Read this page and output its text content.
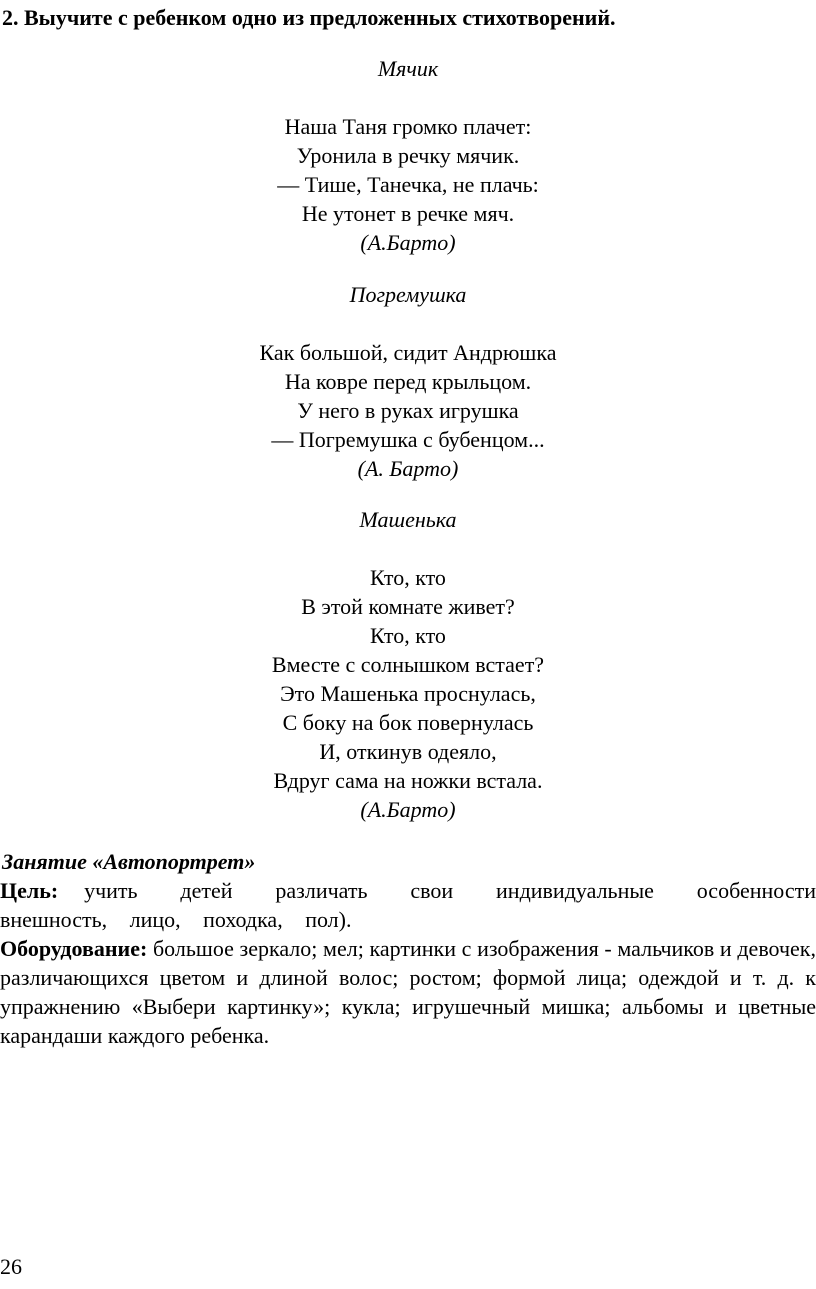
2. Выучите с ребенком одно из предложенных стихотворений.

Мячик

Наша Таня громко плачет:

Уронила в речку мячик.

― Тише, Танечка, не плачь:

Не утонет в речке мяч.

(А.Барто)

Погремушка

Как большой, сидит Андрюшка

На ковре перед крыльцом.

У него в руках игрушка

― Погремушка с бубенцом...

(А. Барто)

Машенька

Кто, кто

В этой комнате живет?

Кто, кто

Вместе с солнышком встает?

Это Машенька проснулась,

С боку на бок повернулась

И, откинув одеяло,

Вдруг сама на ножки встала.

(А.Барто)

Занятие «Автопортрет»

Цель: учить детей различать свои индивидуальные особенности внешность, лицо, походка, пол).

Оборудование: большое зеркало; мел; картинки с изображения - мальчиков и девочек, различающихся цветом и длиной волос; ростом; формой лица; одеждой и т. д. к упражнению «Выбери картинку»; кукла; игрушечный мишка; альбомы и цветные карандаши каждого ребенка.

26
